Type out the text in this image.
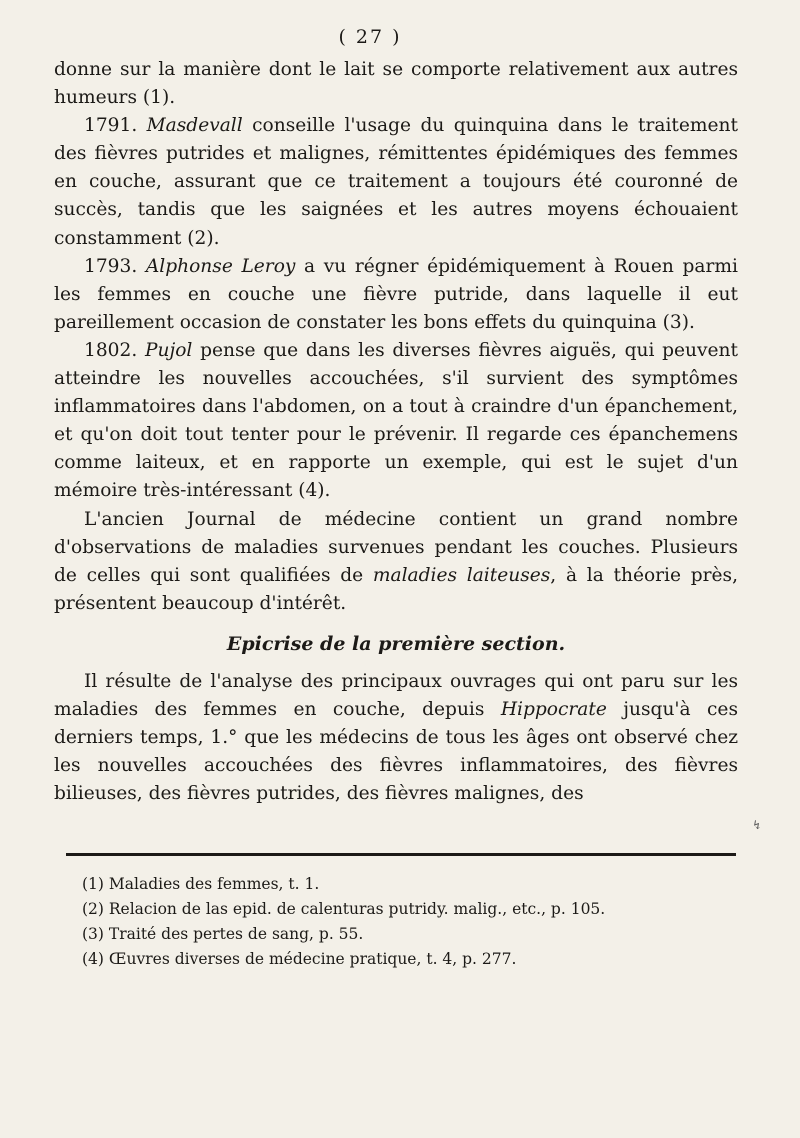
( 27 )

donne sur la manière dont le lait se comporte relativement aux autres humeurs (1).

1791. Masdevall conseille l'usage du quinquina dans le traitement des fièvres putrides et malignes, rémittentes épidémiques des femmes en couche, assurant que ce traitement a toujours été couronné de succès, tandis que les saignées et les autres moyens échouaient constamment (2).

1793. Alphonse Leroy a vu régner épidémiquement à Rouen parmi les femmes en couche une fièvre putride, dans laquelle il eut pareillement occasion de constater les bons effets du quinquina (3).

1802. Pujol pense que dans les diverses fièvres aiguës, qui peuvent atteindre les nouvelles accouchées, s'il survient des symptômes inflammatoires dans l'abdomen, on a tout à craindre d'un épanchement, et qu'on doit tout tenter pour le prévenir. Il regarde ces épanchemens comme laiteux, et en rapporte un exemple, qui est le sujet d'un mémoire très-intéressant (4).

L'ancien Journal de médecine contient un grand nombre d'observations de maladies survenues pendant les couches. Plusieurs de celles qui sont qualifiées de maladies laiteuses, à la théorie près, présentent beaucoup d'intérêt.

Epicrise de la première section.

Il résulte de l'analyse des principaux ouvrages qui ont paru sur les maladies des femmes en couche, depuis Hippocrate jusqu'à ces derniers temps, 1.° que les médecins de tous les âges ont observé chez les nouvelles accouchées des fièvres inflammatoires, des fièvres bilieuses, des fièvres putrides, des fièvres malignes, des

↯
(1) Maladies des femmes, t. 1.
(2) Relacion de las epid. de calenturas putridy. malig., etc., p. 105.
(3) Traité des pertes de sang, p. 55.
(4) Œuvres diverses de médecine pratique, t. 4, p. 277.
